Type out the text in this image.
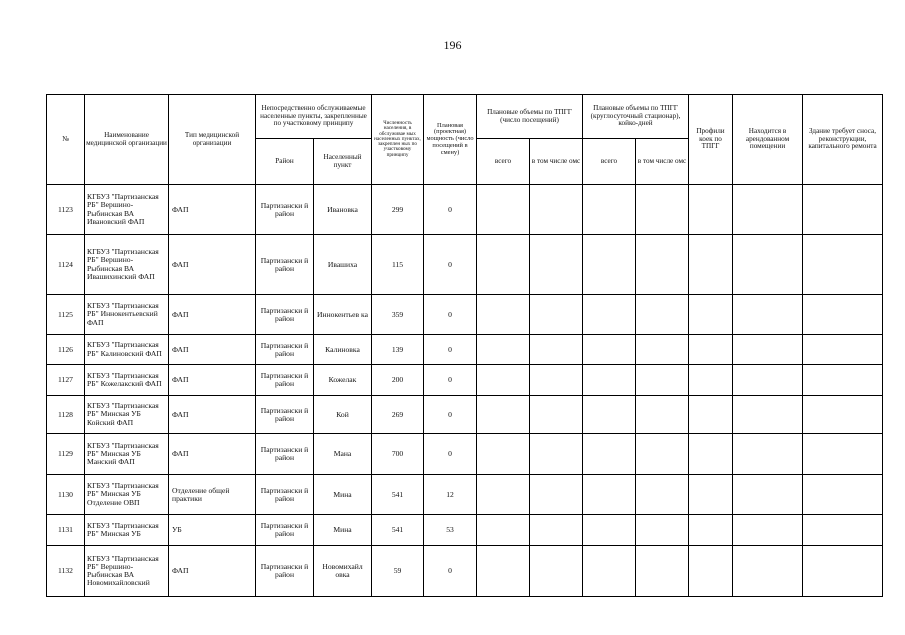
196
№	Наименование медицинской организации	Тип медицинской организации	Непосредственно обслуживаемые населенные пункты, закрепленные по участковому принципу		Численность населения, в обслуживае мых населенных пунктах, закреплен ных по участковому принципу	Плановая (проектная) мощность (число посещений в смену)	Плановые объемы по ТПГГ (число посещений)		Плановые объемы по ТПГГ (круглосуточный стационар), койко-дней		Профили коек по ТПГГ	Находится в арендованном помещении	Здание требует сноса, реконструкции, капитального ремонта
			Район	Населенный пункт			всего	в том числе омс	всего	в том числе омс			
1123	КГБУЗ "Партизанская РБ" Вершино-Рыбинская ВА Ивановский ФАП	ФАП	Партизански й район	Ивановка	299	0							
1124	КГБУЗ "Партизанская РБ" Вершино-Рыбинская ВА Ивашихинский ФАП	ФАП	Партизански й район	Ивашиха	115	0							
1125	КГБУЗ "Партизанская РБ" Иннокентьевский ФАП	ФАП	Партизански й район	Иннокентьев ка	359	0							
1126	КГБУЗ "Партизанская РБ" Калиновский ФАП	ФАП	Партизански й район	Калиновка	139	0							
1127	КГБУЗ "Партизанская РБ" Кожелакский ФАП	ФАП	Партизански й район	Кожелак	200	0							
1128	КГБУЗ "Партизанская РБ" Минская УБ Койский ФАП	ФАП	Партизански й район	Кой	269	0							
1129	КГБУЗ "Партизанская РБ" Минская УБ Манский ФАП	ФАП	Партизански й район	Мана	700	0							
1130	КГБУЗ "Партизанская РБ" Минская УБ Отделение ОВП	Отделение общей практики	Партизански й район	Мина	541	12							
1131	КГБУЗ "Партизанская РБ" Минская УБ	УБ	Партизански й район	Мина	541	53							
1132	КГБУЗ "Партизанская РБ" Вершино-Рыбинская ВА Новомихайловский	ФАП	Партизански й район	Новомихайл овка	59	0							
